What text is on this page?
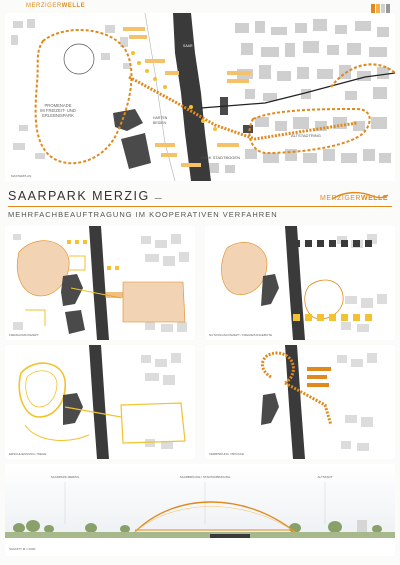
MERZIGERWELLE
PROMENADE
IM FREIZEIT- UND
ERLEBNISPARK
SAAR
HARTEN
BEIDEN
PARK STADTBOGEN
ALTSTADTRING
MASTERPLAN
SAARPARK MERZIG —
MEHRFACHBEAUFTRAGUNG IM KOOPERATIVEN VERFAHREN
MERZIGERWELLE
FREIRAUMKONZEPT	NUTZUNGSKONZEPT / FREIZEITANGEBOTE
ERSCHLIESSUNG / WEGE	VERBINDUNG / BRÜCKE
SAARPARK MERZIG	SAARBRÜCKE / STADTANBINDUNG	ALTSTADT
SCHNITT M 1:1000
